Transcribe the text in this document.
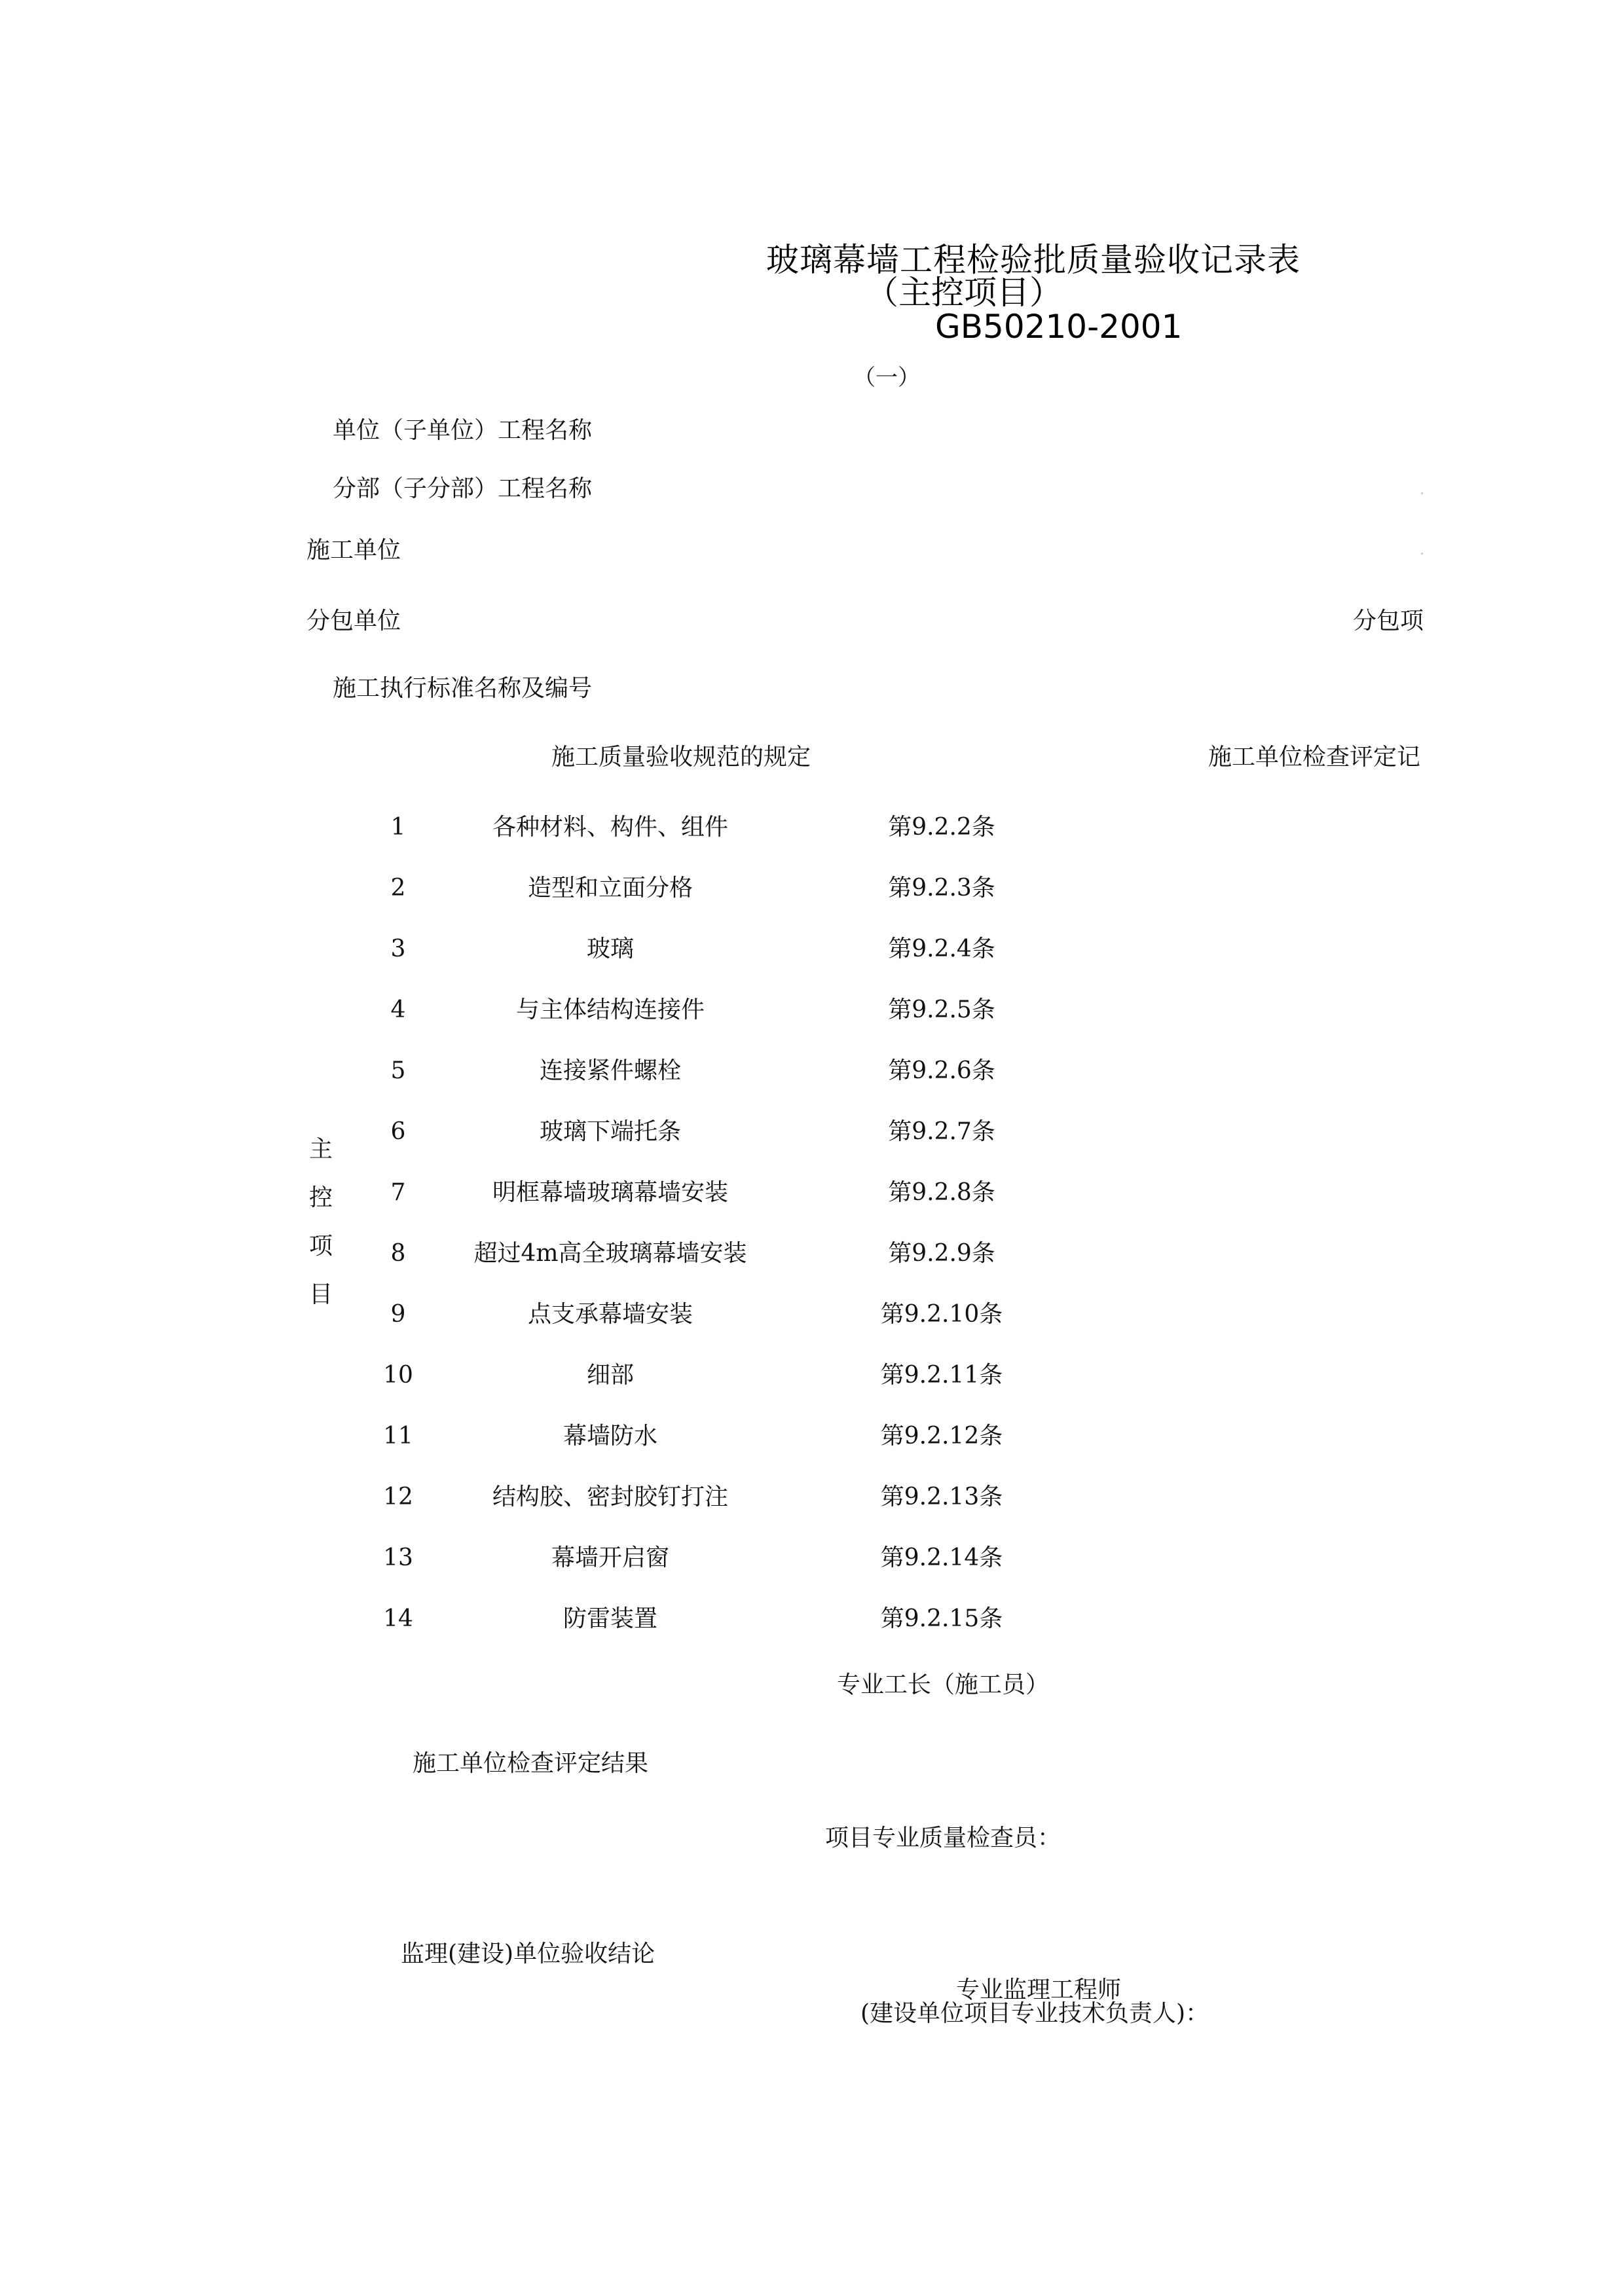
玻璃幕墙工程检验批质量验收记录表
（主控项目）
GB50210-2001
（一）
单位（子单位）工程名称
分部（子分部）工程名称
施工单位
分包单位	分包项
施工执行标准名称及编号
施工质量验收规范的规定	施工单位检查评定记
主
控
项
目
1	各种材料、构件、组件	第9.2.2条
2	造型和立面分格	第9.2.3条
3	玻璃	第9.2.4条
4	与主体结构连接件	第9.2.5条
5	连接紧件螺栓	第9.2.6条
6	玻璃下端托条	第9.2.7条
7	明框幕墙玻璃幕墙安装	第9.2.8条
8	超过4m高全玻璃幕墙安装	第9.2.9条
9	点支承幕墙安装	第9.2.10条
10	细部	第9.2.11条
11	幕墙防水	第9.2.12条
12	结构胶、密封胶钉打注	第9.2.13条
13	幕墙开启窗	第9.2.14条
14	防雷装置	第9.2.15条
专业工长（施工员）
施工单位检查评定结果
项目专业质量检查员：
监理(建设)单位验收结论
专业监理工程师
(建设单位项目专业技术负责人)：
